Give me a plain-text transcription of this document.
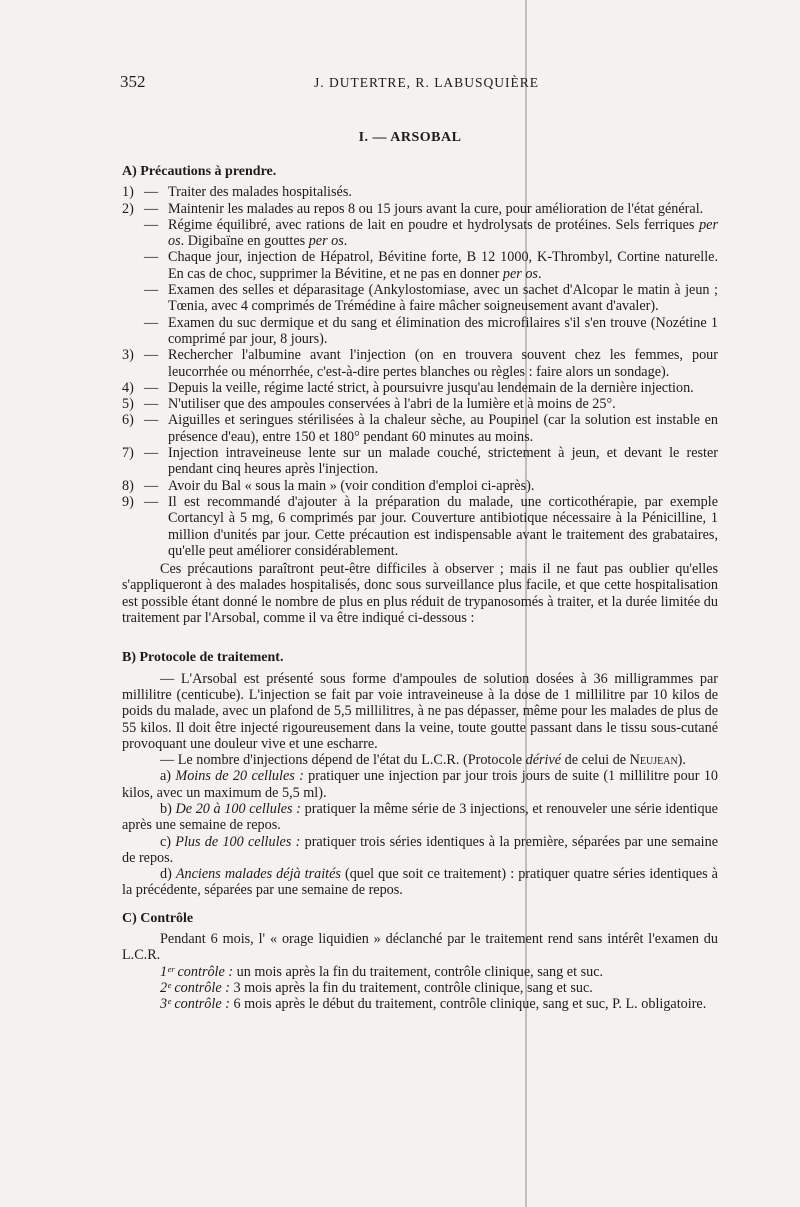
352	J. DUTERTRE, R. LABUSQUIÈRE
I. — ARSOBAL

A) Précautions à prendre.

1) — Traiter des malades hospitalisés.
2) — Maintenir les malades au repos 8 ou 15 jours avant la cure, pour amélioration de l'état général.
— Régime équilibré, avec rations de lait en poudre et hydrolysats de protéines. Sels ferriques per os. Digibaïne en gouttes per os.
— Chaque jour, injection de Hépatrol, Bévitine forte, B 12 1000, K-Thrombyl, Cortine naturelle. En cas de choc, supprimer la Bévitine, et ne pas en donner per os.
— Examen des selles et déparasitage (Ankylostomiase, avec un sachet d'Alcopar le matin à jeun ; Tœnia, avec 4 comprimés de Trémédine à faire mâcher soigneusement avant d'avaler).
— Examen du suc dermique et du sang et élimination des microfilaires s'il s'en trouve (Nozétine 1 comprimé par jour, 8 jours).
3) — Rechercher l'albumine avant l'injection (on en trouvera souvent chez les femmes, pour leucorrhée ou ménorrhée, c'est-à-dire pertes blanches ou règles : faire alors un sondage).
4) — Depuis la veille, régime lacté strict, à poursuivre jusqu'au lendemain de la dernière injection.
5) — N'utiliser que des ampoules conservées à l'abri de la lumière et à moins de 25°.
6) — Aiguilles et seringues stérilisées à la chaleur sèche, au Poupinel (car la solution est instable en présence d'eau), entre 150 et 180° pendant 60 minutes au moins.
7) — Injection intraveineuse lente sur un malade couché, strictement à jeun, et devant le rester pendant cinq heures après l'injection.
8) — Avoir du Bal « sous la main » (voir condition d'emploi ci-après).
9) — Il est recommandé d'ajouter à la préparation du malade, une corticothérapie, par exemple Cortancyl à 5 mg, 6 comprimés par jour. Couverture antibiotique nécessaire à la Pénicilline, 1 million d'unités par jour. Cette précaution est indispensable avant le traitement des grabataires, qu'elle peut améliorer considérablement.

Ces précautions paraîtront peut-être difficiles à observer ; mais il ne faut pas oublier qu'elles s'appliqueront à des malades hospitalisés, donc sous surveillance plus facile, et que cette hospitalisation est possible étant donné le nombre de plus en plus réduit de trypanosomés à traiter, et la durée limitée du traitement par l'Arsobal, comme il va être indiqué ci-dessous :

B) Protocole de traitement.

— L'Arsobal est présenté sous forme d'ampoules de solution dosées à 36 milligrammes par millilitre (centicube). L'injection se fait par voie intraveineuse à la dose de 1 millilitre par 10 kilos de poids du malade, avec un plafond de 5,5 millilitres, à ne pas dépasser, même pour les malades de plus de 55 kilos. Il doit être injecté rigoureusement dans la veine, toute goutte passant dans le tissu sous-cutané provoquant une douleur vive et une escharre.

— Le nombre d'injections dépend de l'état du L.C.R. (Protocole dérivé de celui de Neujean).

a) Moins de 20 cellules : pratiquer une injection par jour trois jours de suite (1 millilitre pour 10 kilos, avec un maximum de 5,5 ml).

b) De 20 à 100 cellules : pratiquer la même série de 3 injections, et renouveler une série identique après une semaine de repos.

c) Plus de 100 cellules : pratiquer trois séries identiques à la première, séparées par une semaine de repos.

d) Anciens malades déjà traités (quel que soit ce traitement) : pratiquer quatre séries identiques à la précédente, séparées par une semaine de repos.

C) Contrôle

Pendant 6 mois, l' « orage liquidien » déclanché par le traitement rend sans intérêt l'examen du L.C.R.

1ᵉʳ contrôle : un mois après la fin du traitement, contrôle clinique, sang et suc.

2ᵉ contrôle : 3 mois après la fin du traitement, contrôle clinique, sang et suc.

3ᵉ contrôle : 6 mois après le début du traitement, contrôle clinique, sang et suc, P. L. obligatoire.
